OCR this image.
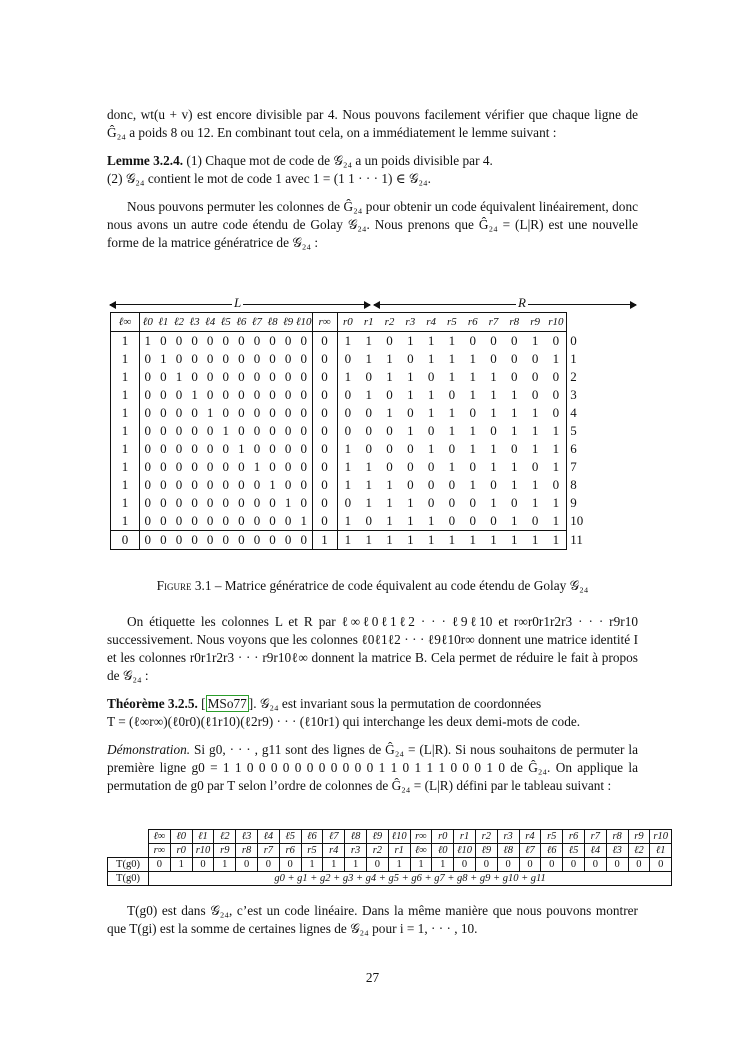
donc, wt(u + v) est encore divisible par 4. Nous pouvons facilement vérifier que chaque ligne de Ĝ₂₄ a poids 8 ou 12. En combinant tout cela, on a immédiatement le lemme suivant :

Lemme 3.2.4. (1) Chaque mot de code de 𝒢₂₄ a un poids divisible par 4.

(2) 𝒢₂₄ contient le mot de code 1 avec 1 = (1 1 · · · 1) ∈ 𝒢₂₄.

Nous pouvons permuter les colonnes de Ĝ₂₄ pour obtenir un code équivalent linéairement, donc nous avons un autre code étendu de Golay 𝒢₂₄. Nous prenons que Ĝ₂₄ = (L|R) est une nouvelle forme de la matrice génératrice de 𝒢₂₄ :

L	R
ℓ∞	ℓ0	ℓ1	ℓ2	ℓ3	ℓ4	ℓ5	ℓ6	ℓ7	ℓ8	ℓ9	ℓ10	r∞	r0	r1	r2	r3	r4	r5	r6	r7	r8	r9	r10	
1	1	0	0	0	0	0	0	0	0	0	0	0	1	1	0	1	1	1	0	0	0	1	0	0
1	0	1	0	0	0	0	0	0	0	0	0	0	0	1	1	0	1	1	1	0	0	0	1	1
1	0	0	1	0	0	0	0	0	0	0	0	0	1	0	1	1	0	1	1	1	0	0	0	2
1	0	0	0	1	0	0	0	0	0	0	0	0	0	1	0	1	1	0	1	1	1	0	0	3
1	0	0	0	0	1	0	0	0	0	0	0	0	0	0	1	0	1	1	0	1	1	1	0	4
1	0	0	0	0	0	1	0	0	0	0	0	0	0	0	0	1	0	1	1	0	1	1	1	5
1	0	0	0	0	0	0	1	0	0	0	0	0	1	0	0	0	1	0	1	1	0	1	1	6
1	0	0	0	0	0	0	0	1	0	0	0	0	1	1	0	0	0	1	0	1	1	0	1	7
1	0	0	0	0	0	0	0	0	1	0	0	0	1	1	1	0	0	0	1	0	1	1	0	8
1	0	0	0	0	0	0	0	0	0	1	0	0	0	1	1	1	0	0	0	1	0	1	1	9
1	0	0	0	0	0	0	0	0	0	0	1	0	1	0	1	1	1	0	0	0	1	0	1	10
0	0	0	0	0	0	0	0	0	0	0	0	1	1	1	1	1	1	1	1	1	1	1	1	11
Figure 3.1 – Matrice génératrice de code équivalent au code étendu de Golay 𝒢₂₄

On étiquette les colonnes L et R par ℓ∞ℓ0ℓ1ℓ2 · · · ℓ9ℓ10 et r∞r0r1r2r3 · · · r9r10 successivement. Nous voyons que les colonnes ℓ0ℓ1ℓ2 · · · ℓ9ℓ10r∞ donnent une matrice identité I et les colonnes r0r1r2r3 · · · r9r10ℓ∞ donnent la matrice B. Cela permet de réduire le fait à propos de 𝒢₂₄ :

Théorème 3.2.5. [ MSo77 ]. 𝒢₂₄ est invariant sous la permutation de coordonnées

T = (ℓ∞r∞)(ℓ0r0)(ℓ1r10)(ℓ2r9) · · · (ℓ10r1) qui interchange les deux demi-mots de code.

Démonstration. Si g0, · · · , g11 sont des lignes de Ĝ₂₄ = (L|R). Si nous souhaitons de permuter la première ligne g0 = 1 1 0 0 0 0 0 0 0 0 0 0 0 1 1 0 1 1 1 0 0 0 1 0 de Ĝ₂₄. On applique la permutation de g0 par T selon l’ordre de colonnes de Ĝ₂₄ = (L|R) défini par le tableau suivant :

	ℓ∞	ℓ0	ℓ1	ℓ2	ℓ3	ℓ4	ℓ5	ℓ6	ℓ7	ℓ8	ℓ9	ℓ10	r∞	r0	r1	r2	r3	r4	r5	r6	r7	r8	r9	r10
	r∞	r0	r10	r9	r8	r7	r6	r5	r4	r3	r2	r1	ℓ∞	ℓ0	ℓ10	ℓ9	ℓ8	ℓ7	ℓ6	ℓ5	ℓ4	ℓ3	ℓ2	ℓ1
T(g0)	0	1	0	1	0	0	0	1	1	1	0	1	1	1	0	0	0	0	0	0	0	0	0	0
T(g0)	g0 + g1 + g2 + g3 + g4 + g5 + g6 + g7 + g8 + g9 + g10 + g11																							

T(g0) est dans 𝒢₂₄, c’est un code linéaire. Dans la même manière que nous pouvons montrer que T(gi) est la somme de certaines lignes de 𝒢₂₄ pour i = 1, · · · , 10.

27
